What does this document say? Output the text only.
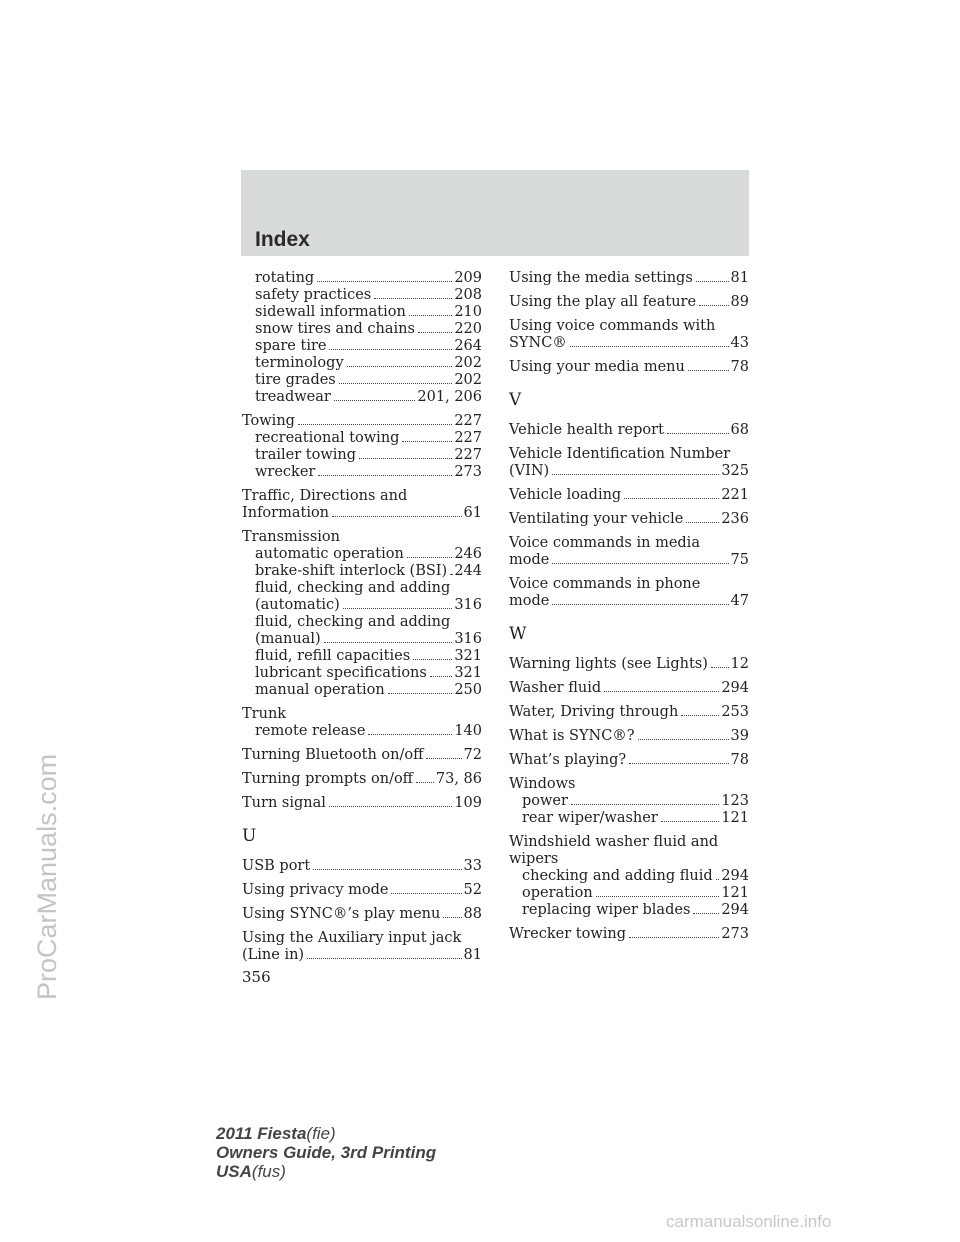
Index
rotating	209
safety practices	208
sidewall information	210
snow tires and chains	220
spare tire	264
terminology	202
tire grades	202
treadwear	201, 206
Towing	227
recreational towing	227
trailer towing	227
wrecker	273
Traffic, Directions and
Information	61
Transmission
automatic operation	246
brake-shift interlock (BSI) 244
fluid, checking and adding
(automatic)	316
fluid, checking and adding
(manual)	316
fluid, refill capacities	321
lubricant specifications 321
manual operation	250
Trunk
remote release	140
Turning Bluetooth on/off	72
Turning prompts on/off 73, 86
Turn signal	109
U
USB port	33
Using privacy mode	52
Using SYNC®’s play menu 88
Using the Auxiliary input jack
(Line in)	81
Using the media settings	81
Using the play all feature 89
Using voice commands with
SYNC®	43
Using your media menu	78
V
Vehicle health report	68
Vehicle Identification Number
(VIN)	325
Vehicle loading	221
Ventilating your vehicle	236
Voice commands in media
mode	75
Voice commands in phone
mode	47
W
Warning lights (see Lights) 12
Washer fluid	294
Water, Driving through	253
What is SYNC®?	39
What’s playing?	78
Windows
power	123
rear wiper/washer	121
Windshield washer fluid and
wipers
checking and adding fluid 294
operation	121
replacing wiper blades 294
Wrecker towing	273
356
2011 Fiesta(fie)
Owners Guide, 3rd Printing
USA(fus)
ProCarManuals.com
carmanualsonline.info
